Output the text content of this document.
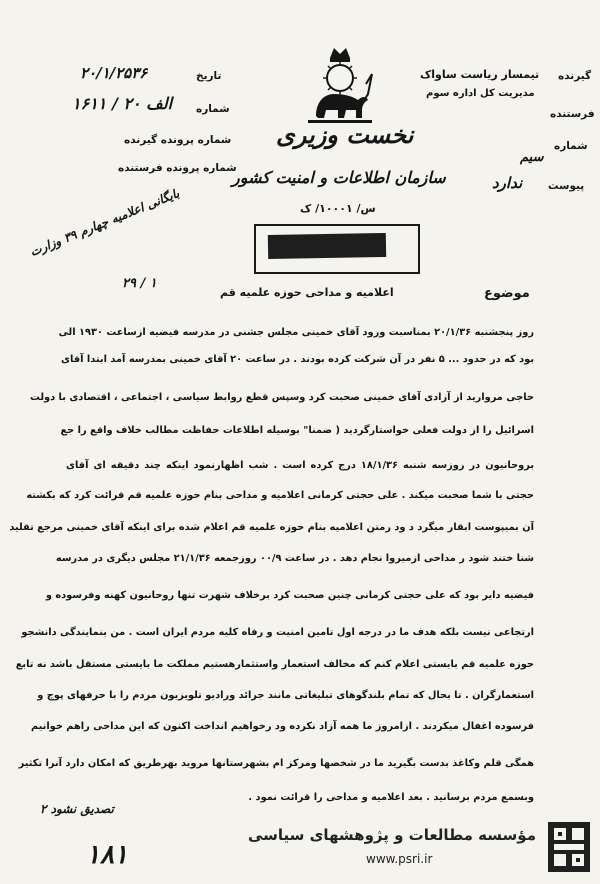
تاریخ
۲۰/۱/۲۵۳۶
شماره
۱۶۱۱ / ۲۰ الف
شماره پرونده گیرنده
شماره پرونده فرستنده
نخست وزیری
سازمان اطلاعات و امنیت کشور
س/ ۱۰۰۰۱/ ک
گیرنده
تیمسار ریاست ساواک
مدیریت کل اداره سوم
فرستنده
شماره
سیم
پیوست
ندارد
بایگانی اعلامیه چهارم ۳۹ وزارت
۲۹ / ۱
موضوع
اعلامیه و مداحی حوزه علمیه قم
روز پنجشنبه ۲۰/۱/۳۶ بمناسبت ورود آقای خمینی مجلس جشنی در مدرسه فیضیه ازساعت ۱۹۳۰ الی
بود که در حدود ... ۵ نفر در آن شرکت کرده بودند . در ساعت ۲۰ آقای خمینی بمدرسه آمد ابتدا آقای
حاجی مروارید از آزادی آقای خمینی صحبت کرد وسپس قطع روابط سیاسی ، اجتماعی ، اقتصادی با دولت
اسرائیل را از دولت فعلی خواستارگردید ( ضمنا" بوسیله اطلاعات حفاظت مطالب خلاف واقع را جع
بروحانیون در روزسه شنبه ۱۸/۱/۳۶ درج کرده است . شب اظهارنمود اینکه چند دقیقه ای آقای
حجتی با شما صحبت میکند . علی حجتی کرمانی اعلامیه و مداحی بنام حوزه علمیه قم قرائت کرد که بکشته
آن بمیپوست ابقار میگرد د ود رمتن اعلامیه بنام حوزه علمیه قم اعلام شده برای اینکه آقای خمینی مرجع تقلید
شنا ختند شود ر مداحی ازمیروا نجام دهد . در ساعت ۰۰/۹ روزجمعه ۲۱/۱/۳۶ مجلس دیگری در مدرسه
فیضیه دایر بود که علی حجتی کرمانی چنین صحبت کرد برخلاف شهرت تنها روحانیون کهنه وفرسوده و
ارتجاعی نیست بلکه هدف ما در درجه اول تامین امنیت و رفاه کلیه مردم ایران است . من بنمایندگی دانشجو
حوزه علمیه قم بایستی اعلام کنم که مخالف استعمار واستثمارهستیم مملکت ما بایستی مستقل باشد نه تابع
استعمارگران . تا بحال که تمام بلندگوهای تبلیغاتی مانند جرائد ورادیو تلویزیون مردم را با حرفهای پوچ و
فرسوده اغفال میکردند . ازامروز ما همه آزاد نکرده ود رخواهیم انداخت اکنون که این مداحی راهم خوانیم
همگی قلم وکاغذ بدست بگیرید ما در شخصها ومرکز ام بشهرستانها مرويد بهرطريق که امکان دارد آنرا تکثیر
وبسمع مردم برسانید . بعد اعلامیه و مداحی را قرائت نمود .
تصدیق نشود ۲
۱۸۱
مؤسسه مطالعات و پژوهشهای سیاسی
www.psri.ir
